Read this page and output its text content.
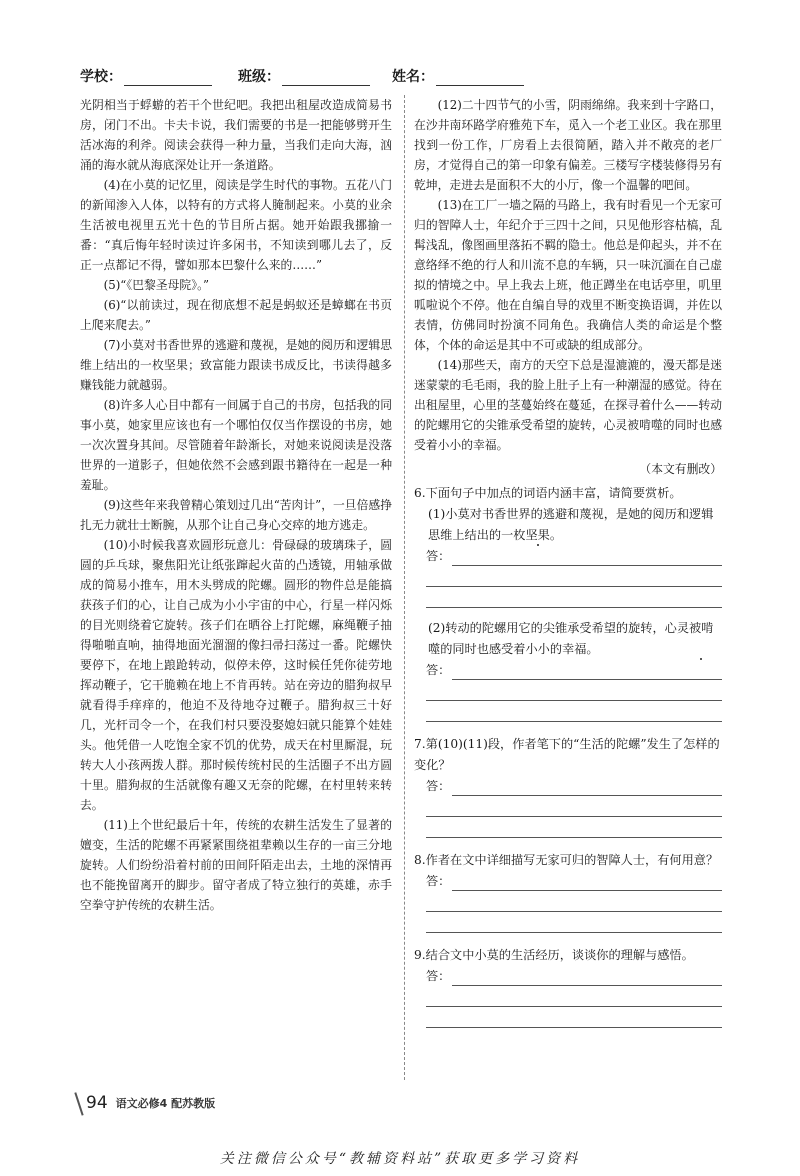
学校：	班级：	姓名：

光阴相当于蜉蝣的若干个世纪吧。我把出租屋改造成简易书房，闭门不出。卡夫卡说，我们需要的书是一把能够劈开生活冰海的利斧。阅读会获得一种力量，当我们走向大海，汹涌的海水就从海底深处让开一条道路。

(4)在小莫的记忆里，阅读是学生时代的事物。五花八门的新闻渗入人体，以特有的方式将人腌制起来。小莫的业余生活被电视里五光十色的节目所占据。她开始跟我挪揄一番：“真后悔年轻时读过许多闲书，不知读到哪儿去了，反正一点都记不得，譬如那本巴黎什么来的……”

(5)“《巴黎圣母院》。”

(6)“以前读过，现在彻底想不起是蚂蚁还是蟑螂在书页上爬来爬去。”

(7)小莫对书香世界的逃避和蔑视，是她的阅历和逻辑思维上结出的一枚坚果；致富能力跟读书成反比，书读得越多赚钱能力就越弱。

(8)许多人心目中都有一间属于自己的书房，包括我的同事小莫，她家里应该也有一个哪怕仅仅当作摆设的书房，她一次次置身其间。尽管随着年龄渐长，对她来说阅读是没落世界的一道影子，但她依然不会感到跟书籍待在一起是一种羞耻。

(9)这些年来我曾精心策划过几出“苦肉计”，一旦倍感挣扎无力就壮士断腕，从那个让自己身心交瘁的地方逃走。

(10)小时候我喜欢圆形玩意儿：骨碌碌的玻璃珠子，圆圆的乒乓球，聚焦阳光让纸张蹿起火苗的凸透镜，用轴承做成的简易小推车，用木头劈成的陀螺。圆形的物件总是能搞获孩子们的心，让自己成为小小宇宙的中心，行星一样闪烁的目光则绕着它旋转。孩子们在晒谷上打陀螺，麻绳鞭子抽得啪啪直响，抽得地面光溜溜的像扫帚扫荡过一番。陀螺快要停下，在地上踉跄转动，似停未停，这时候任凭你徒劳地挥动鞭子，它干脆赖在地上不肯再转。站在旁边的腊狗叔早就看得手痒痒的，他迫不及待地夺过鞭子。腊狗叔三十好几，光杆司令一个，在我们村只要没娶媳妇就只能算个娃娃头。他凭借一人吃饱全家不饥的优势，成天在村里厮混，玩转大人小孩两拨人群。那时候传统村民的生活圈子不出方圆十里。腊狗叔的生活就像有趣又无奈的陀螺，在村里转来转去。

(11)上个世纪最后十年，传统的农耕生活发生了显著的嬗变，生活的陀螺不再紧紧围绕祖辈赖以生存的一亩三分地旋转。人们纷纷沿着村前的田间阡陌走出去，土地的深情再也不能挽留离开的脚步。留守者成了特立独行的英雄，赤手空拳守护传统的农耕生活。

(12)二十四节气的小雪，阴雨绵绵。我来到十字路口，在沙井南环路学府雅苑下车，觅入一个老工业区。我在那里找到一份工作，厂房看上去很简陋，踏入并不敞亮的老厂房，才觉得自己的第一印象有偏差。三楼写字楼装修得另有乾坤，走进去是面积不大的小厅，像一个温馨的吧间。

(13)在工厂一墙之隔的马路上，我有时看见一个无家可归的智障人士，年纪介于三四十之间，只见他形容枯槁，乱髯浅乱，像图画里落拓不羁的隐士。他总是仰起头，并不在意络绎不绝的行人和川流不息的车辆，只一味沉湎在自己虚拟的情境之中。早上我去上班，他正蹲坐在电话亭里，叽里呱啦说个不停。他在自编自导的戏里不断变换语调，并佐以表情，仿佛同时扮演不同角色。我确信人类的命运是个整体，个体的命运是其中不可或缺的组成部分。

(14)那些天，南方的天空下总是湿漉漉的，漫天都是迷迷蒙蒙的毛毛雨，我的脸上肚子上有一种潮湿的感觉。待在出租屋里，心里的茎蔓始终在蔓延，在探寻着什么——转动的陀螺用它的尖锥承受希望的旋转，心灵被啃噬的同时也感受着小小的幸福。

（本文有删改）

6.下面句子中加点的词语内涵丰富，请简要赏析。

(1)小莫对书香世界的逃避和蔑视，是她的阅历和逻辑思维上结出的一枚坚果。

答：

(2)转动的陀螺用它的尖锥承受希望的旋转，心灵被啃噬的同时也感受着小小的幸福。

答：

7.第(10)(11)段，作者笔下的“生活的陀螺”发生了怎样的变化？

答：

8.作者在文中详细描写无家可归的智障人士，有何用意？

答：

9.结合文中小莫的生活经历，谈谈你的理解与感悟。

答：
94 语文必修4 配苏教版
关注微信公众号“教辅资料站”获取更多学习资料
